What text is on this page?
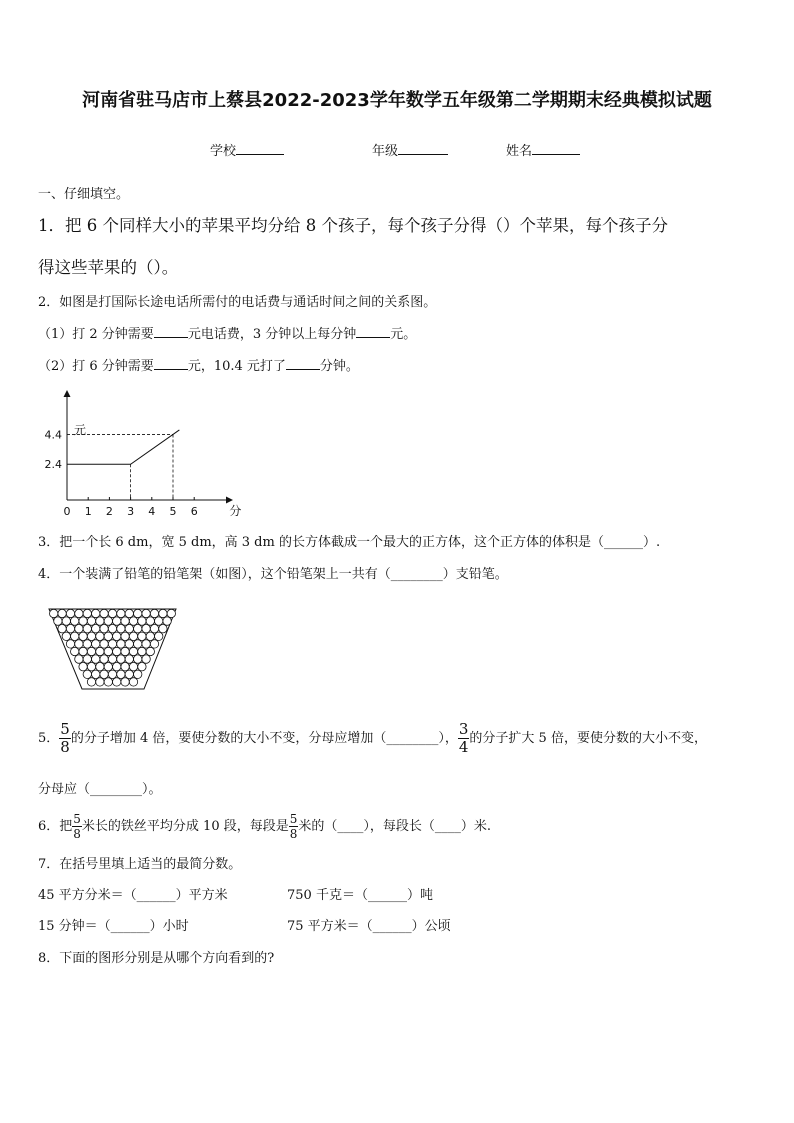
河南省驻马店市上蔡县2022-2023学年数学五年级第二学期期末经典模拟试题
学校	年级	姓名
一、仔细填空。
1．把 6 个同样大小的苹果平均分给 8 个孩子，每个孩子分得（）个苹果，每个孩子分
得这些苹果的（）。
2．如图是打国际长途电话所需付的电话费与通话时间之间的关系图。
（1）打 2 分钟需要	元电话费，3 分钟以上每分钟	元。
（2）打 6 分钟需要	元，10.4 元打了	分钟。
0 1 2 3 4 5 6
2.4
4.4 元
分
3．把一个长 6 dm，宽 5 dm，高 3 dm 的长方体截成一个最大的正方体，这个正方体的体积是（______）.
4．一个装满了铅笔的铅笔架（如图），这个铅笔架上一共有（________）支铅笔。
5． $\frac{5}{8}$ 的分子增加 4 倍，要使分数的大小不变，分母应增加（________）， $\frac{3}{4}$ 的分子扩大 5 倍，要使分数的大小不变，
分母应（________）。
6．把 $\frac{5}{8}$ 米长的铁丝平均分成 10 段，每段是 $\frac{5}{8}$ 米的（____），每段长（____）米.
7．在括号里填上适当的最简分数。
45 平方分米＝（______）平方米	750 千克＝（______）吨
15 分钟＝（______）小时	75 平方米＝（______）公顷
8．下面的图形分别是从哪个方向看到的?
